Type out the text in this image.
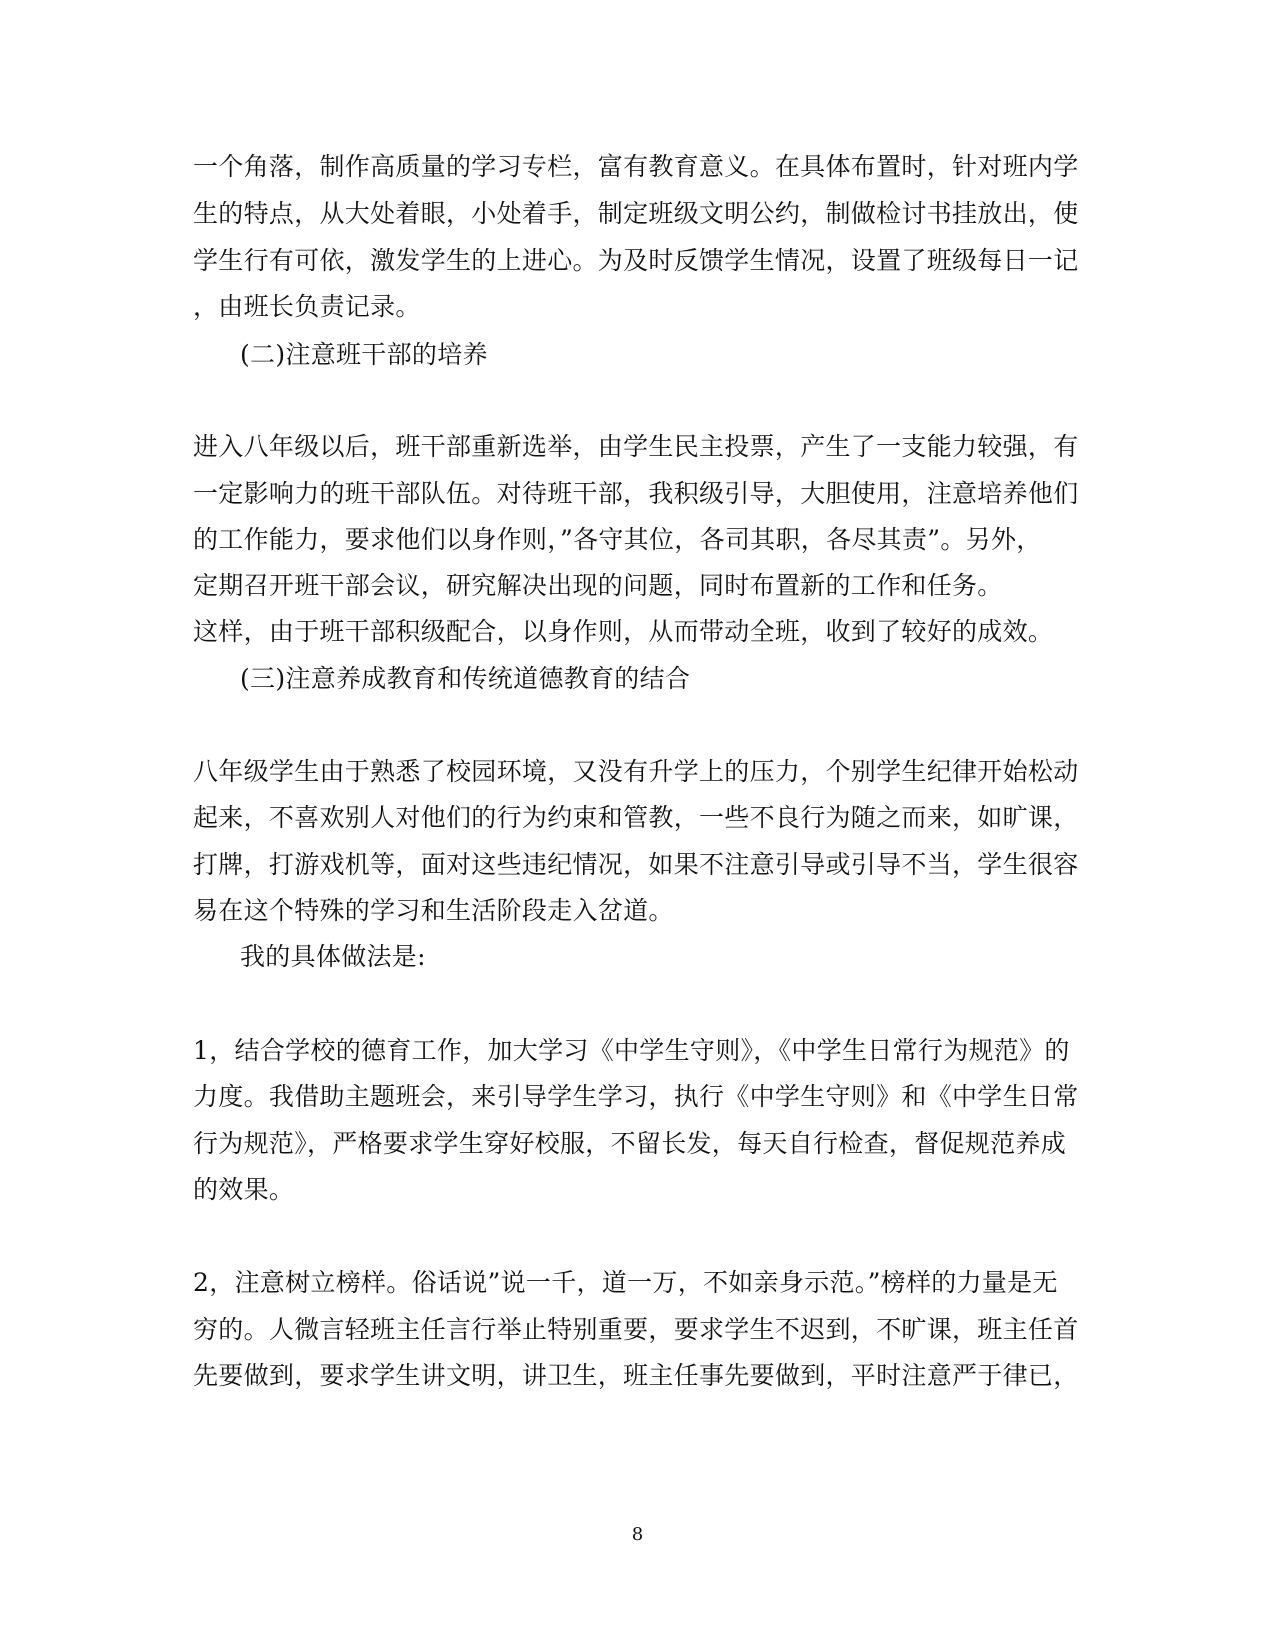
一个角落，制作高质量的学习专栏，富有教育意义。在具体布置时，针对班内学
生的特点，从大处着眼，小处着手，制定班级文明公约，制做检讨书挂放出，使
学生行有可依，激发学生的上进心。为及时反馈学生情况，设置了班级每日一记
，由班长负责记录。
(二)注意班干部的培养
进入八年级以后，班干部重新选举，由学生民主投票，产生了一支能力较强，有
一定影响力的班干部队伍。对待班干部，我积级引导，大胆使用，注意培养他们
的工作能力，要求他们以身作则，”各守其位，各司其职，各尽其责”。另外，
定期召开班干部会议，研究解决出现的问题，同时布置新的工作和任务。
这样，由于班干部积级配合，以身作则，从而带动全班，收到了较好的成效。
(三)注意养成教育和传统道德教育的结合
八年级学生由于熟悉了校园环境，又没有升学上的压力，个别学生纪律开始松动
起来，不喜欢别人对他们的行为约束和管教，一些不良行为随之而来，如旷课，
打牌，打游戏机等，面对这些违纪情况，如果不注意引导或引导不当，学生很容
易在这个特殊的学习和生活阶段走入岔道。
我的具体做法是:
1，结合学校的德育工作，加大学习《中学生守则》，《中学生日常行为规范》的
力度。我借助主题班会，来引导学生学习，执行《中学生守则》和《中学生日常
行为规范》，严格要求学生穿好校服，不留长发，每天自行检查，督促规范养成
的效果。
2，注意树立榜样。俗话说”说一千，道一万，不如亲身示范。”榜样的力量是无
穷的。人微言轻班主任言行举止特别重要，要求学生不迟到，不旷课，班主任首
先要做到，要求学生讲文明，讲卫生，班主任事先要做到，平时注意严于律已，
8
